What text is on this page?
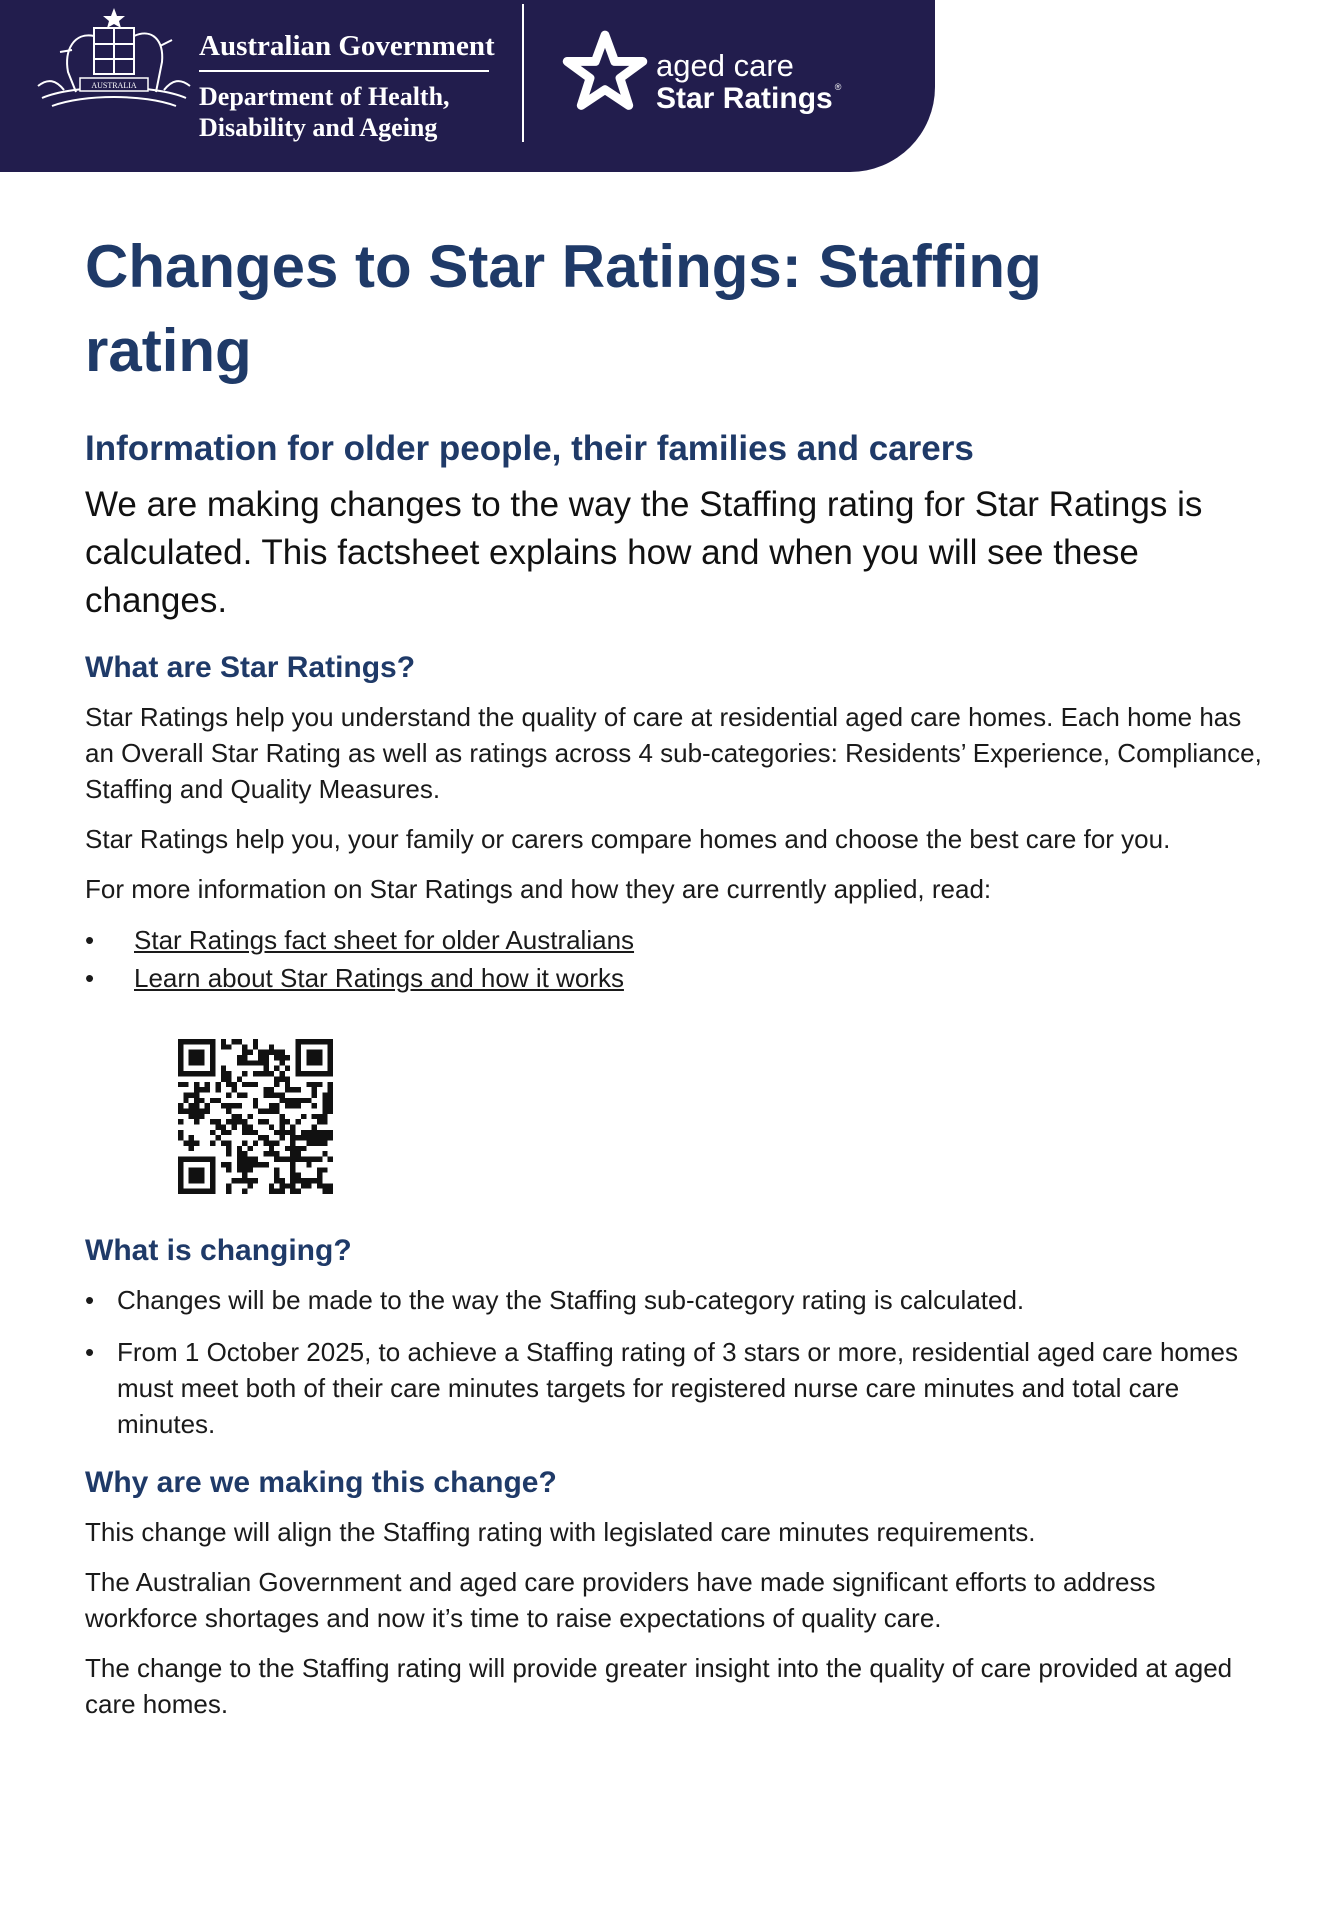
AUSTRALIA
Australian Government
Department of Health,
Disability and Ageing
aged care
Star Ratings ®
Changes to Star Ratings: Staffing rating
Information for older people, their families and carers

We are making changes to the way the Staffing rating for Star Ratings is calculated. This factsheet explains how and when you will see these changes.

What are Star Ratings?

Star Ratings help you understand the quality of care at residential aged care homes. Each home has an Overall Star Rating as well as ratings across 4 sub-categories: Residents’ Experience, Compliance, Staffing and Quality Measures.

Star Ratings help you, your family or carers compare homes and choose the best care for you.

For more information on Star Ratings and how they are currently applied, read:

• Star Ratings fact sheet for older Australians
• Learn about Star Ratings and how it works
What is changing?
• Changes will be made to the way the Staffing sub-category rating is calculated.
• From 1 October 2025, to achieve a Staffing rating of 3 stars or more, residential aged care homes must meet both of their care minutes targets for registered nurse care minutes and total care minutes.
Why are we making this change?

This change will align the Staffing rating with legislated care minutes requirements.

The Australian Government and aged care providers have made significant efforts to address workforce shortages and now it’s time to raise expectations of quality care.

The change to the Staffing rating will provide greater insight into the quality of care provided at aged care homes.
